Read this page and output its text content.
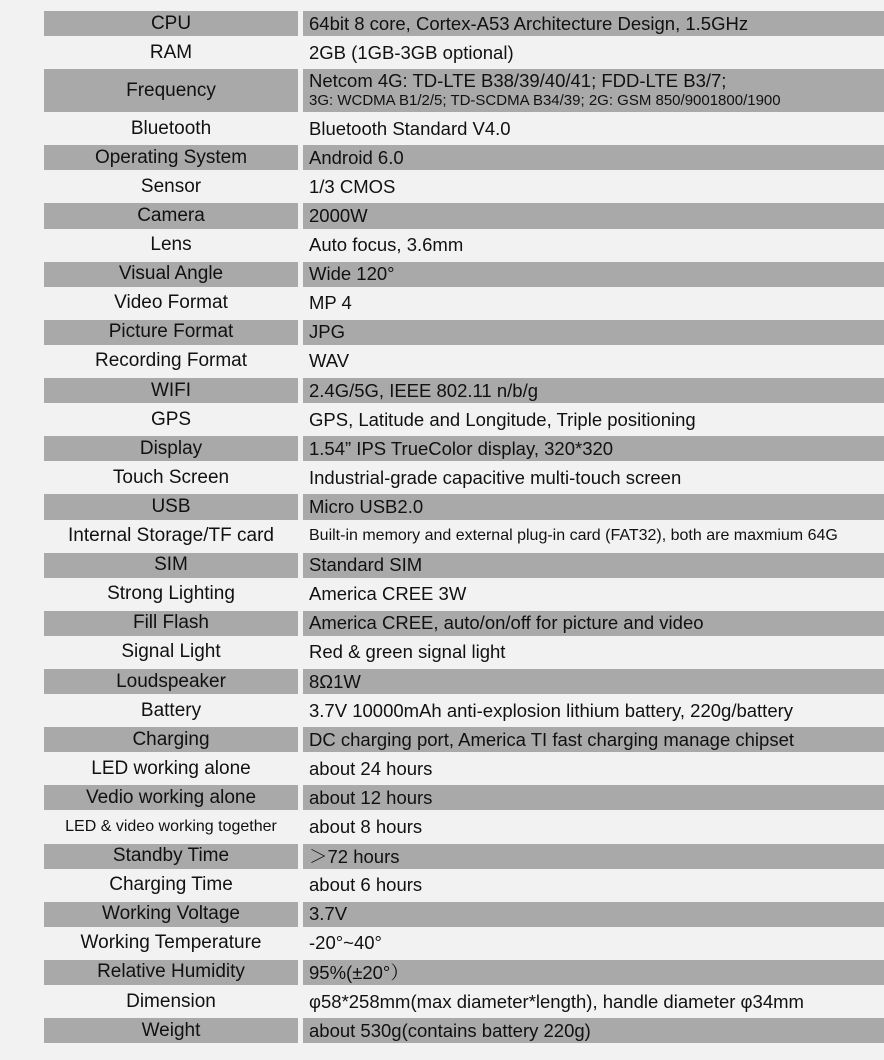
CPU	64bit 8 core, Cortex-A53 Architecture Design, 1.5GHz
RAM	2GB (1GB-3GB optional)
Frequency	Netcom 4G: TD-LTE B38/39/40/41; FDD-LTE B3/7;
3G: WCDMA B1/2/5; TD-SCDMA B34/39; 2G: GSM 850/9001800/1900
Bluetooth	Bluetooth Standard V4.0
Operating System	Android 6.0
Sensor	1/3 CMOS
Camera	2000W
Lens	Auto focus, 3.6mm
Visual Angle	Wide 120°
Video Format	MP 4
Picture Format	JPG
Recording Format	WAV
WIFI	2.4G/5G, IEEE 802.11 n/b/g
GPS	GPS, Latitude and Longitude, Triple positioning
Display	1.54” IPS TrueColor display, 320*320
Touch Screen	Industrial-grade capacitive multi-touch screen
USB	Micro USB2.0
Internal Storage/TF card	Built-in memory and external plug-in card (FAT32), both are maxmium 64G
SIM	Standard SIM
Strong Lighting	America CREE 3W
Fill Flash	America CREE, auto/on/off for picture and video
Signal Light	Red & green signal light
Loudspeaker	8Ω1W
Battery	3.7V 10000mAh anti-explosion lithium battery, 220g/battery
Charging	DC charging port, America TI fast charging manage chipset
LED working alone	about 24 hours
Vedio working alone	about 12 hours
LED & video working together	about 8 hours
Standby Time	＞72 hours
Charging Time	about 6 hours
Working Voltage	3.7V
Working Temperature	-20°~40°
Relative Humidity	95%(±20°）
Dimension	φ58*258mm(max diameter*length), handle diameter φ34mm
Weight	about 530g(contains battery 220g)
